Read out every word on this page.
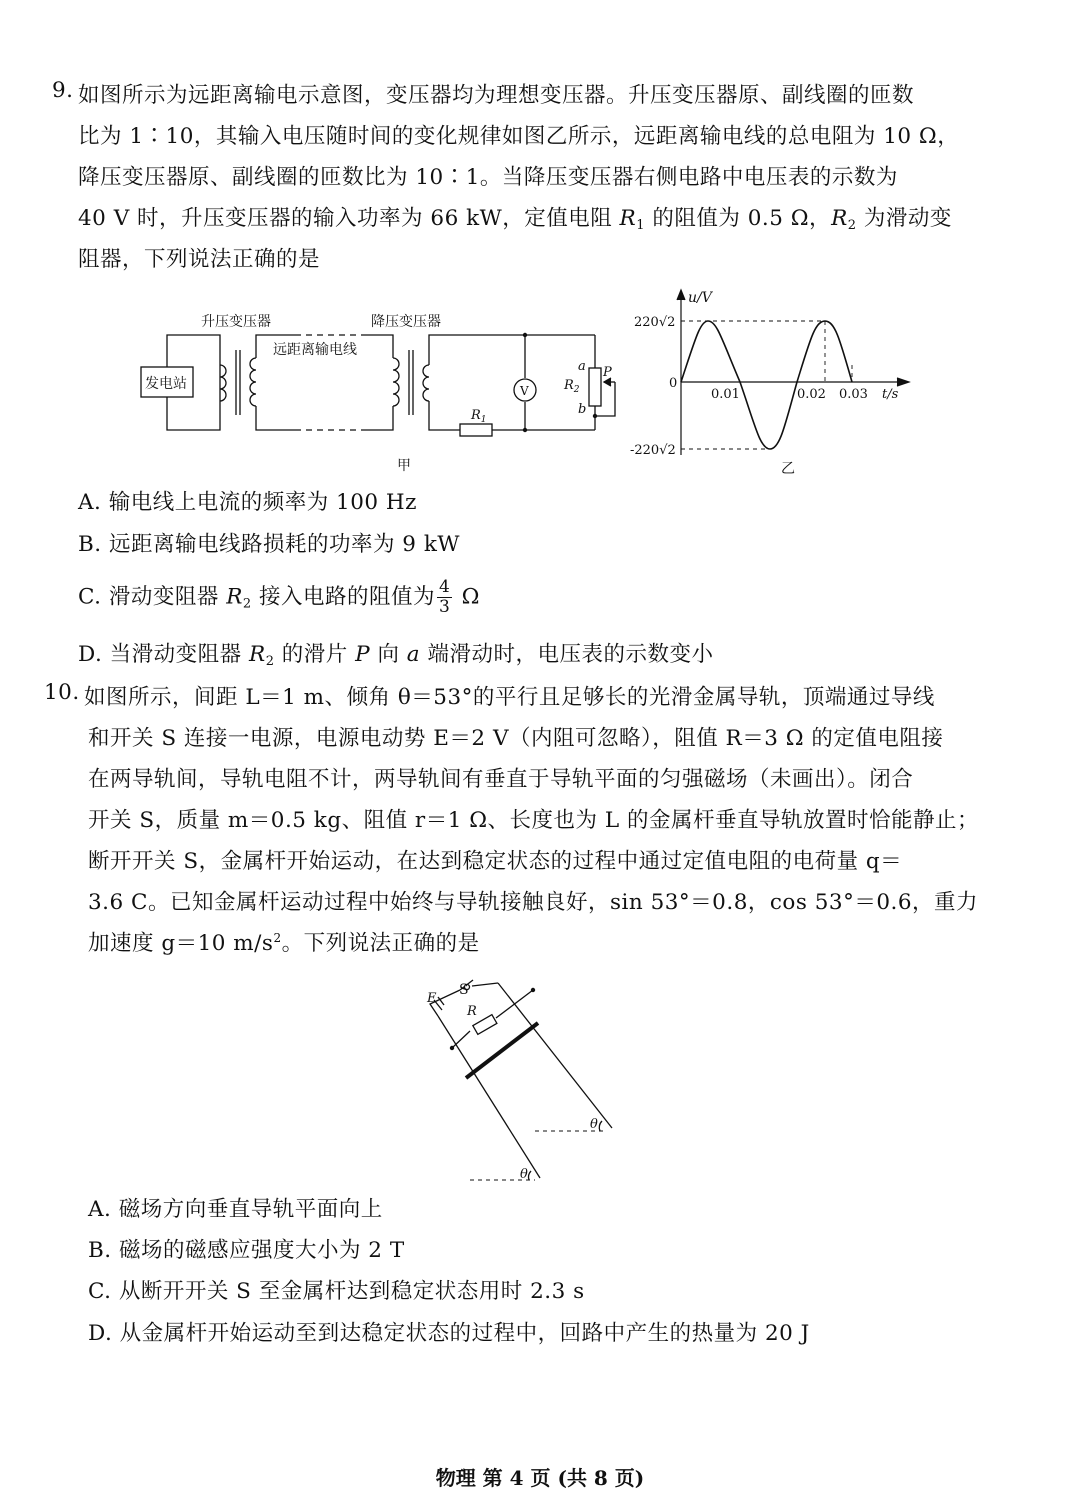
9. 如图所示为远距离输电示意图，变压器均为理想变压器。升压变压器原、副线圈的匝数
比为 1∶10，其输入电压随时间的变化规律如图乙所示，远距离输电线的总电阻为 10 Ω，
降压变压器原、副线圈的匝数比为 10∶1。当降压变压器右侧电路中电压表的示数为
40 V 时，升压变压器的输入功率为 66 kW，定值电阻 $R_1$ 的阻值为 0.5 Ω，$R_2$ 为滑动变
阻器，下列说法正确的是
升压变压器	降压变压器
远距离输电线
发电站	V
a
b
P
$R_2$
$R_1$
甲
u/V
t/s
220√2
-220√2
0
0.01	0.02 0.03
乙
A. 输电线上电流的频率为 100 Hz
B. 远距离输电线路损耗的功率为 9 kW
C. 滑动变阻器 $R_2$ 接入电路的阻值为 $\frac{4}{3}$ Ω
D. 当滑动变阻器 $R_2$ 的滑片 P 向 a 端滑动时，电压表的示数变小
10. 如图所示，间距 L＝1 m、倾角 θ＝53°的平行且足够长的光滑金属导轨，顶端通过导线
和开关 S 连接一电源，电源电动势 E＝2 V（内阻可忽略），阻值 R＝3 Ω 的定值电阻接
在两导轨间，导轨电阻不计，两导轨间有垂直于导轨平面的匀强磁场（未画出）。闭合
开关 S，质量 m＝0.5 kg、阻值 r＝1 Ω、长度也为 L 的金属杆垂直导轨放置时恰能静止；
断开开关 S，金属杆开始运动，在达到稳定状态的过程中通过定值电阻的电荷量 q＝
3.6 C。已知金属杆运动过程中始终与导轨接触良好，sin 53°＝0.8，cos 53°＝0.6，重力
加速度 g＝10 $m/s^2$。下列说法正确的是
S
E
R
θ
θ
A. 磁场方向垂直导轨平面向上
B. 磁场的磁感应强度大小为 2 T
C. 从断开开关 S 至金属杆达到稳定状态用时 2.3 s
D. 从金属杆开始运动至到达稳定状态的过程中，回路中产生的热量为 20 J
物理 第 4 页 (共 8 页)
